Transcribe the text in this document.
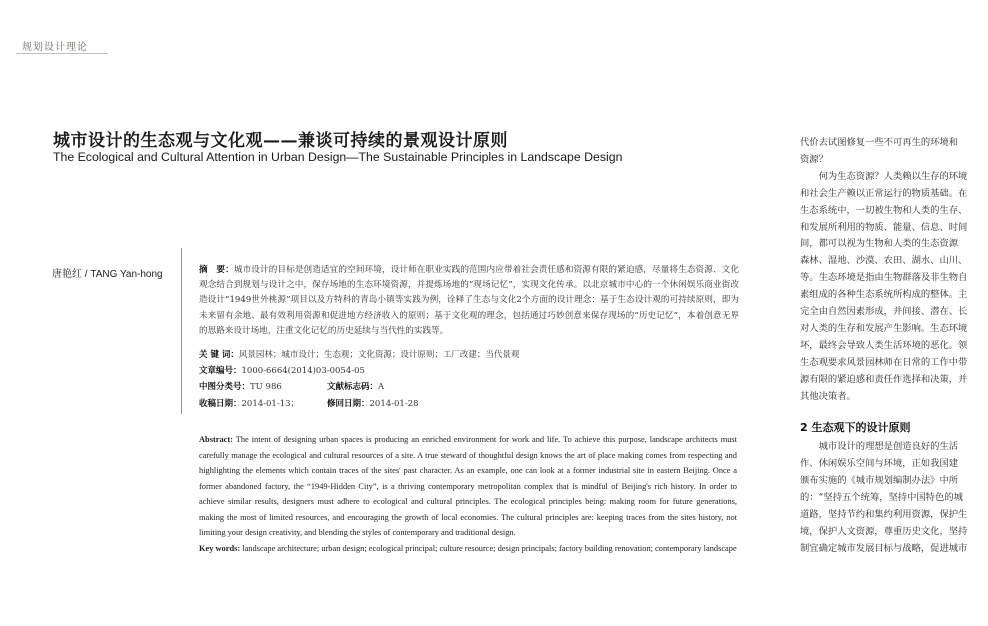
规划设计理论
城市设计的生态观与文化观——兼谈可持续的景观设计原则
The Ecological and Cultural Attention in Urban Design—The Sustainable Principles in Landscape Design
唐艳红 / TANG Yan-hong	摘　要：城市设计的目标是创造适宜的空间环境，设计师在职业实践的范围内应带着社会责任感和资源有限的紧迫感，尽量将生态资源、文化观念结合到规划与设计之中，保存场地的生态环境资源，并提炼场地的“现场记忆”，实现文化传承。以北京城市中心的一个休闲娱乐商业街改造设计“1949世外桃源”项目以及方特科的青岛小镇等实践为例，诠释了生态与文化2个方面的设计理念：基于生态设计观的可持续原则，即为未来留有余地、最有效利用资源和促进地方经济收入的原则；基于文化观的理念，包括通过巧妙创意来保存现场的“历史记忆”，本着创意无界的思路来设计场地，注重文化记忆的历史延续与当代性的实践等。
关 键 词：风景园林；城市设计；生态观；文化资源；设计原则；工厂改建；当代景观
文章编号：1000-6664(2014)03-0054-05
中图分类号：TU 986	文献标志码：A
收稿日期：2014-01-13；	修回日期：2014-01-28
Abstract: The intent of designing urban spaces is producing an enriched environment for work and life. To achieve this purpose, landscape architects must carefully manage the ecological and cultural resources of a site. A true steward of thoughtful design knows the art of place making comes from respecting and highlighting the elements which contain traces of the sites' past character. As an example, one can look at a former industrial site in eastern Beijing. Once a former abandoned factory, the “1949-Hidden City”, is a thriving contemporary metropolitan complex that is mindful of Beijing's rich history. In order to achieve similar results, designers must adhere to ecological and cultural principles. The ecological principles being: making room for future generations, making the most of limited resources, and encouraging the growth of local economies. The cultural principles are: keeping traces from the sites history, not limiting your design creativity, and blending the styles of contemporary and traditional design.
Key words: landscape architecture; urban design; ecological principal; culture resource; design principals; factory building renovation; contemporary landscape

代价去试图修复一些不可再生的环境和

资源？

　　何为生态资源？人类赖以生存的环境

和社会生产赖以正常运行的物质基础。在

生态系统中，一切被生物和人类的生存、

和发展所利用的物质、能量、信息、时间

间，都可以视为生物和人类的生态资源

森林、湿地、沙漠、农田、湖水、山川、

等。生态环境是指由生物群落及非生物自

素组成的各种生态系统所构成的整体。主

完全由自然因素形成，并间接、潜在、长

对人类的生存和发展产生影响。生态环境

坏，最终会导致人类生活环境的恶化。领

生态观要求风景园林师在日常的工作中带

源有限的紧迫感和责任作选择和决策，并

其他决策者。

2 生态观下的设计原则

　　城市设计的理想是创造良好的生活

作、休闲娱乐空间与环境，正如我国建

颁布实施的《城市规划编制办法》中所

的：“坚持五个统筹，坚持中国特色的城

道路，坚持节约和集约利用资源，保护生

境，保护人文资源，尊重历史文化，坚持

制宜确定城市发展目标与战略，促进城市
